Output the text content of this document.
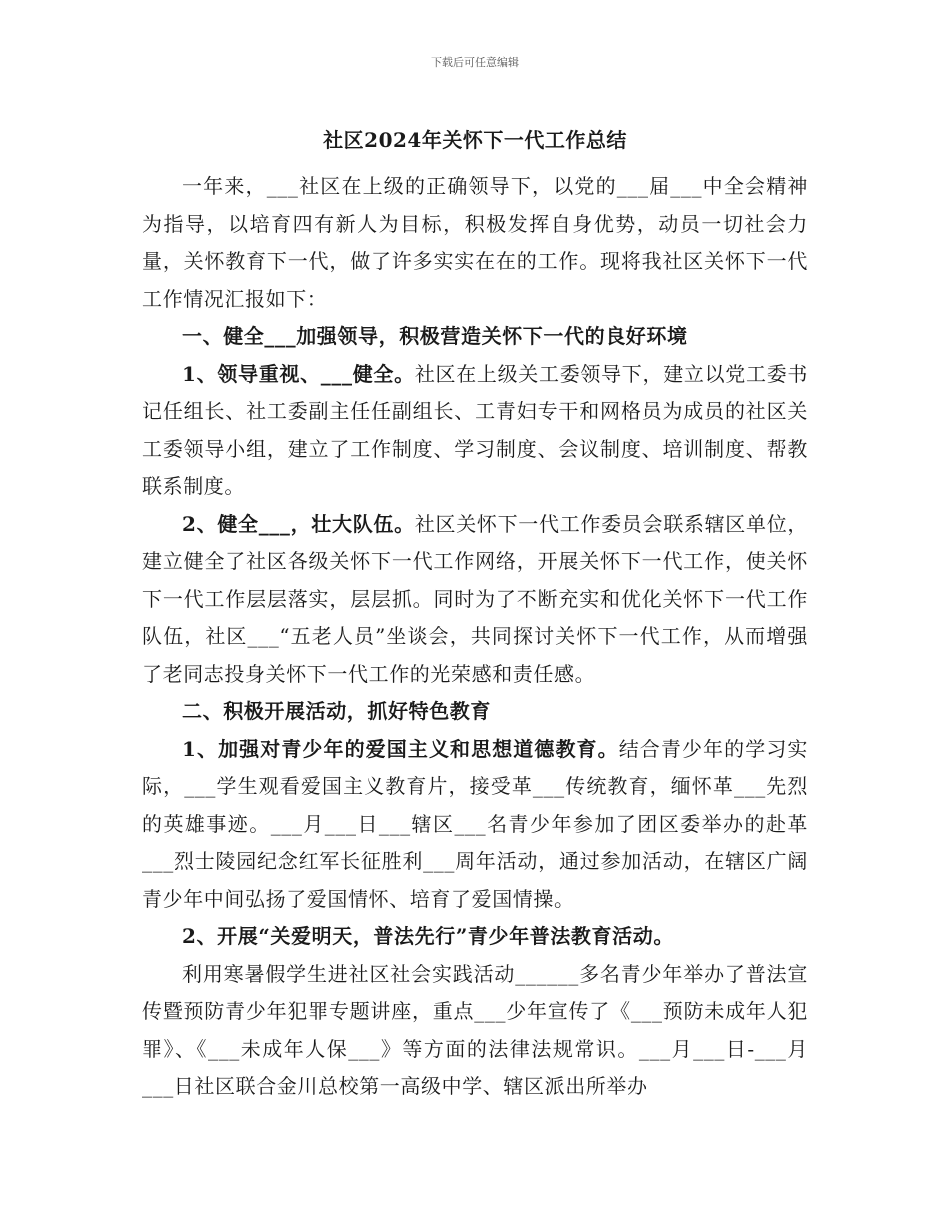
下载后可任意编辑
社区2024年关怀下一代工作总结

一年来，___社区在上级的正确领导下，以党的___届___中全会精神为指导，以培育四有新人为目标，积极发挥自身优势，动员一切社会力量，关怀教育下一代，做了许多实实在在的工作。现将我社区关怀下一代工作情况汇报如下：

一、健全___加强领导，积极营造关怀下一代的良好环境

1、领导重视、___健全。社区在上级关工委领导下，建立以党工委书记任组长、社工委副主任任副组长、工青妇专干和网格员为成员的社区关工委领导小组，建立了工作制度、学习制度、会议制度、培训制度、帮教联系制度。

2、健全___，壮大队伍。社区关怀下一代工作委员会联系辖区单位，建立健全了社区各级关怀下一代工作网络，开展关怀下一代工作，使关怀下一代工作层层落实，层层抓。同时为了不断充实和优化关怀下一代工作队伍，社区___“五老人员”坐谈会，共同探讨关怀下一代工作，从而增强了老同志投身关怀下一代工作的光荣感和责任感。

二、积极开展活动，抓好特色教育

1、加强对青少年的爱国主义和思想道德教育。结合青少年的学习实际，___学生观看爱国主义教育片，接受革___传统教育，缅怀革___先烈的英雄事迹。___月___日___辖区___名青少年参加了团区委举办的赴革___烈士陵园纪念红军长征胜利___周年活动，通过参加活动，在辖区广阔青少年中间弘扬了爱国情怀、培育了爱国情操。

2、开展“关爱明天，普法先行”青少年普法教育活动。

利用寒暑假学生进社区社会实践活动______多名青少年举办了普法宣传暨预防青少年犯罪专题讲座，重点___少年宣传了《___预防未成年人犯罪》、《___未成年人保___》等方面的法律法规常识。___月___日-___月___日社区联合金川总校第一高级中学、辖区派出所举办
